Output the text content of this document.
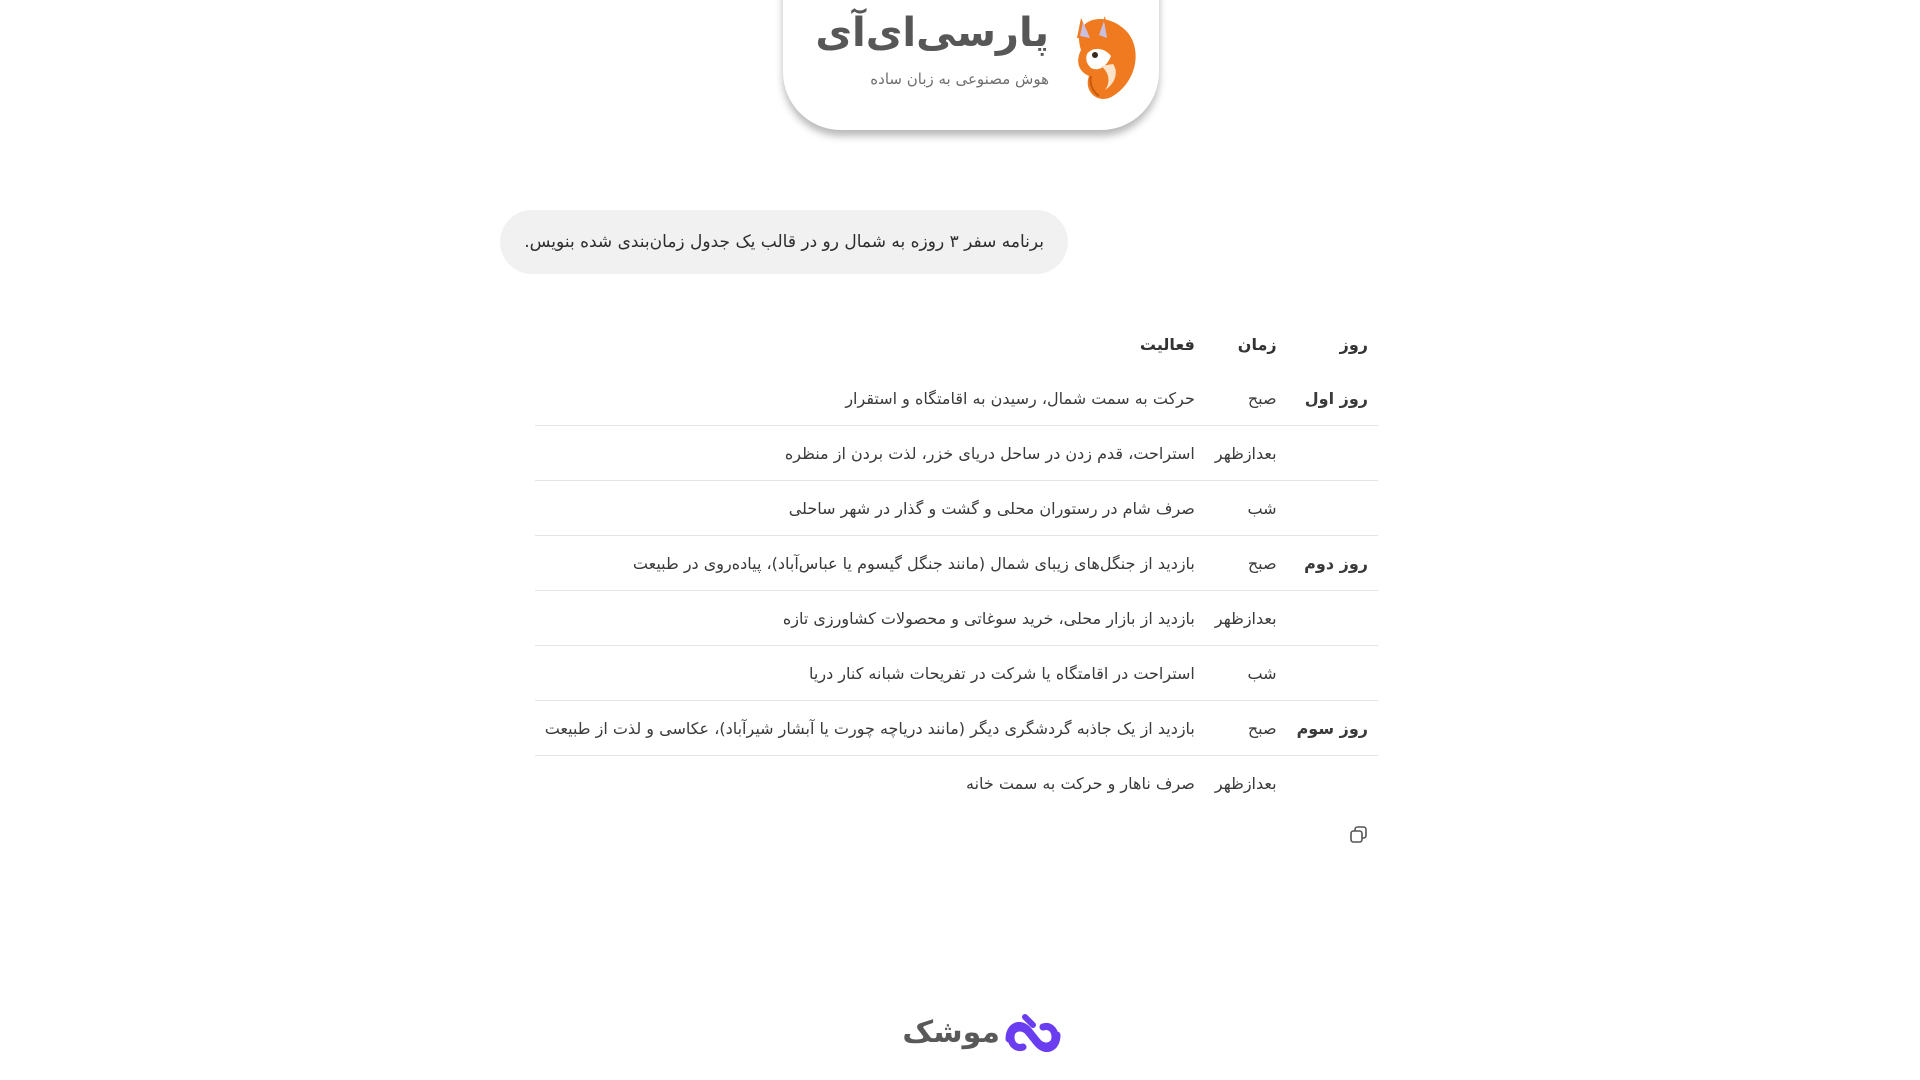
پارسی‌ای‌آی
هوش مصنوعی به زبان ساده
برنامه سفر ۳ روزه به شمال رو در قالب یک جدول زمان‌بندی شده بنویس.
روز	زمان	فعالیت
روز اول	صبح	حرکت به سمت شمال، رسیدن به اقامتگاه و استقرار
	بعدازظهر	استراحت، قدم زدن در ساحل دریای خزر، لذت بردن از منظره
	شب	صرف شام در رستوران محلی و گشت و گذار در شهر ساحلی
روز دوم	صبح	بازدید از جنگل‌های زیبای شمال (مانند جنگل گیسوم یا عباس‌آباد)، پیاده‌روی در طبیعت
	بعدازظهر	بازدید از بازار محلی، خرید سوغاتی و محصولات کشاورزی تازه
	شب	استراحت در اقامتگاه یا شرکت در تفریحات شبانه کنار دریا
روز سوم	صبح	بازدید از یک جاذبه گردشگری دیگر (مانند دریاچه چورت یا آبشار شیرآباد)، عکاسی و لذت از طبیعت
	بعدازظهر	صرف ناهار و حرکت به سمت خانه
موشک
